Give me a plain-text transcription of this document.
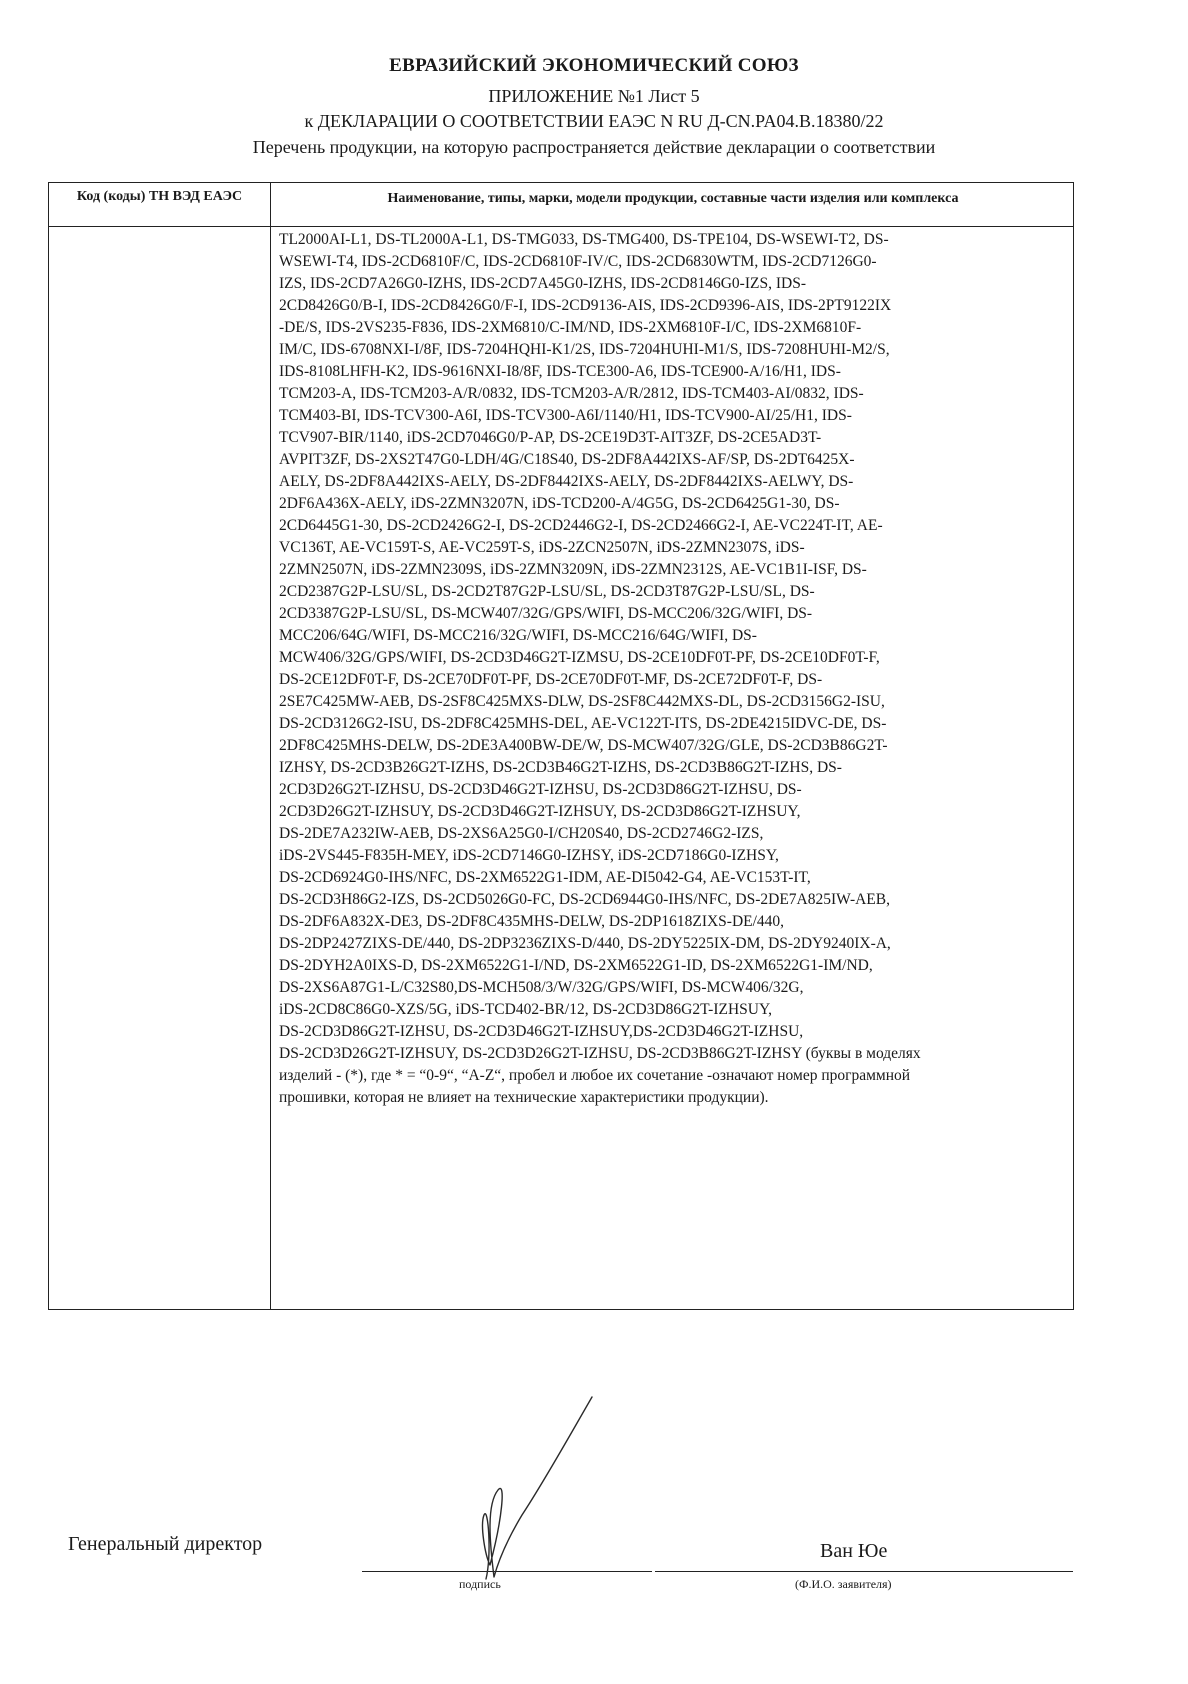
ЕВРАЗИЙСКИЙ ЭКОНОМИЧЕСКИЙ СОЮЗ
ПРИЛОЖЕНИЕ №1 Лист 5
к ДЕКЛАРАЦИИ О СООТВЕТСТВИИ ЕАЭС N RU Д-CN.PA04.B.18380/22
Перечень продукции, на которую распространяется действие декларации о соответствии
Код (коды) ТН ВЭД ЕАЭС	Наименование, типы, марки, модели продукции, составные части изделия или комплекса
TL2000AI-L1, DS-TL2000A-L1, DS-TMG033, DS-TMG400, DS-TPE104, DS-WSEWI-T2, DS-
WSEWI-T4, IDS-2CD6810F/C, IDS-2CD6810F-IV/C, IDS-2CD6830WTM, IDS-2CD7126G0-
IZS, IDS-2CD7A26G0-IZHS, IDS-2CD7A45G0-IZHS, IDS-2CD8146G0-IZS, IDS-
2CD8426G0/B-I, IDS-2CD8426G0/F-I, IDS-2CD9136-AIS, IDS-2CD9396-AIS, IDS-2PT9122IX
-DE/S, IDS-2VS235-F836, IDS-2XM6810/C-IM/ND, IDS-2XM6810F-I/C, IDS-2XM6810F-
IM/C, IDS-6708NXI-I/8F, IDS-7204HQHI-K1/2S, IDS-7204HUHI-M1/S, IDS-7208HUHI-M2/S,
IDS-8108LHFH-K2, IDS-9616NXI-I8/8F, IDS-TCE300-A6, IDS-TCE900-A/16/H1, IDS-
TCM203-A, IDS-TCM203-A/R/0832, IDS-TCM203-A/R/2812, IDS-TCM403-AI/0832, IDS-
TCM403-BI, IDS-TCV300-A6I, IDS-TCV300-A6I/1140/H1, IDS-TCV900-AI/25/H1, IDS-
TCV907-BIR/1140, iDS-2CD7046G0/P-AP, DS-2CE19D3T-AIT3ZF, DS-2CE5AD3T-
AVPIT3ZF, DS-2XS2T47G0-LDH/4G/C18S40, DS-2DF8A442IXS-AF/SP, DS-2DT6425X-
AELY, DS-2DF8A442IXS-AELY, DS-2DF8442IXS-AELY, DS-2DF8442IXS-AELWY, DS-
2DF6A436X-AELY, iDS-2ZMN3207N, iDS-TCD200-A/4G5G, DS-2CD6425G1-30, DS-
2CD6445G1-30, DS-2CD2426G2-I, DS-2CD2446G2-I, DS-2CD2466G2-I, AE-VC224T-IT, AE-
VC136T, AE-VC159T-S, AE-VC259T-S, iDS-2ZCN2507N, iDS-2ZMN2307S, iDS-
2ZMN2507N, iDS-2ZMN2309S, iDS-2ZMN3209N, iDS-2ZMN2312S, AE-VC1B1I-ISF, DS-
2CD2387G2P-LSU/SL, DS-2CD2T87G2P-LSU/SL, DS-2CD3T87G2P-LSU/SL, DS-
2CD3387G2P-LSU/SL, DS-MCW407/32G/GPS/WIFI, DS-MCC206/32G/WIFI, DS-
MCC206/64G/WIFI, DS-MCC216/32G/WIFI, DS-MCC216/64G/WIFI, DS-
MCW406/32G/GPS/WIFI, DS-2CD3D46G2T-IZMSU, DS-2CE10DF0T-PF, DS-2CE10DF0T-F,
DS-2CE12DF0T-F, DS-2CE70DF0T-PF, DS-2CE70DF0T-MF, DS-2CE72DF0T-F, DS-
2SE7C425MW-AEB, DS-2SF8C425MXS-DLW, DS-2SF8C442MXS-DL, DS-2CD3156G2-ISU,
DS-2CD3126G2-ISU, DS-2DF8C425MHS-DEL, AE-VC122T-ITS, DS-2DE4215IDVC-DE, DS-
2DF8C425MHS-DELW, DS-2DE3A400BW-DE/W, DS-MCW407/32G/GLE, DS-2CD3B86G2T-
IZHSY, DS-2CD3B26G2T-IZHS, DS-2CD3B46G2T-IZHS, DS-2CD3B86G2T-IZHS, DS-
2CD3D26G2T-IZHSU, DS-2CD3D46G2T-IZHSU, DS-2CD3D86G2T-IZHSU, DS-
2CD3D26G2T-IZHSUY, DS-2CD3D46G2T-IZHSUY, DS-2CD3D86G2T-IZHSUY,
DS-2DE7A232IW-AEB, DS-2XS6A25G0-I/CH20S40, DS-2CD2746G2-IZS,
iDS-2VS445-F835H-MEY, iDS-2CD7146G0-IZHSY, iDS-2CD7186G0-IZHSY,
DS-2CD6924G0-IHS/NFC, DS-2XM6522G1-IDM, AE-DI5042-G4, AE-VC153T-IT,
DS-2CD3H86G2-IZS, DS-2CD5026G0-FC, DS-2CD6944G0-IHS/NFC, DS-2DE7A825IW-AEB,
DS-2DF6A832X-DE3, DS-2DF8C435MHS-DELW, DS-2DP1618ZIXS-DE/440,
DS-2DP2427ZIXS-DE/440, DS-2DP3236ZIXS-D/440, DS-2DY5225IX-DM, DS-2DY9240IX-A,
DS-2DYH2A0IXS-D, DS-2XM6522G1-I/ND, DS-2XM6522G1-ID, DS-2XM6522G1-IM/ND,
DS-2XS6A87G1-L/C32S80,DS-MCH508/3/W/32G/GPS/WIFI, DS-MCW406/32G,
iDS-2CD8C86G0-XZS/5G, iDS-TCD402-BR/12, DS-2CD3D86G2T-IZHSUY,
DS-2CD3D86G2T-IZHSU, DS-2CD3D46G2T-IZHSUY,DS-2CD3D46G2T-IZHSU,
DS-2CD3D26G2T-IZHSUY, DS-2CD3D26G2T-IZHSU, DS-2CD3B86G2T-IZHSY (буквы в моделях
изделий - (*), где * = “0-9“, “A-Z“, пробел и любое их сочетание -означают номер программной
прошивки, которая не влияет на технические характеристики продукции).
Генеральный директор
подпись
Ван Юе
(Ф.И.О. заявителя)
